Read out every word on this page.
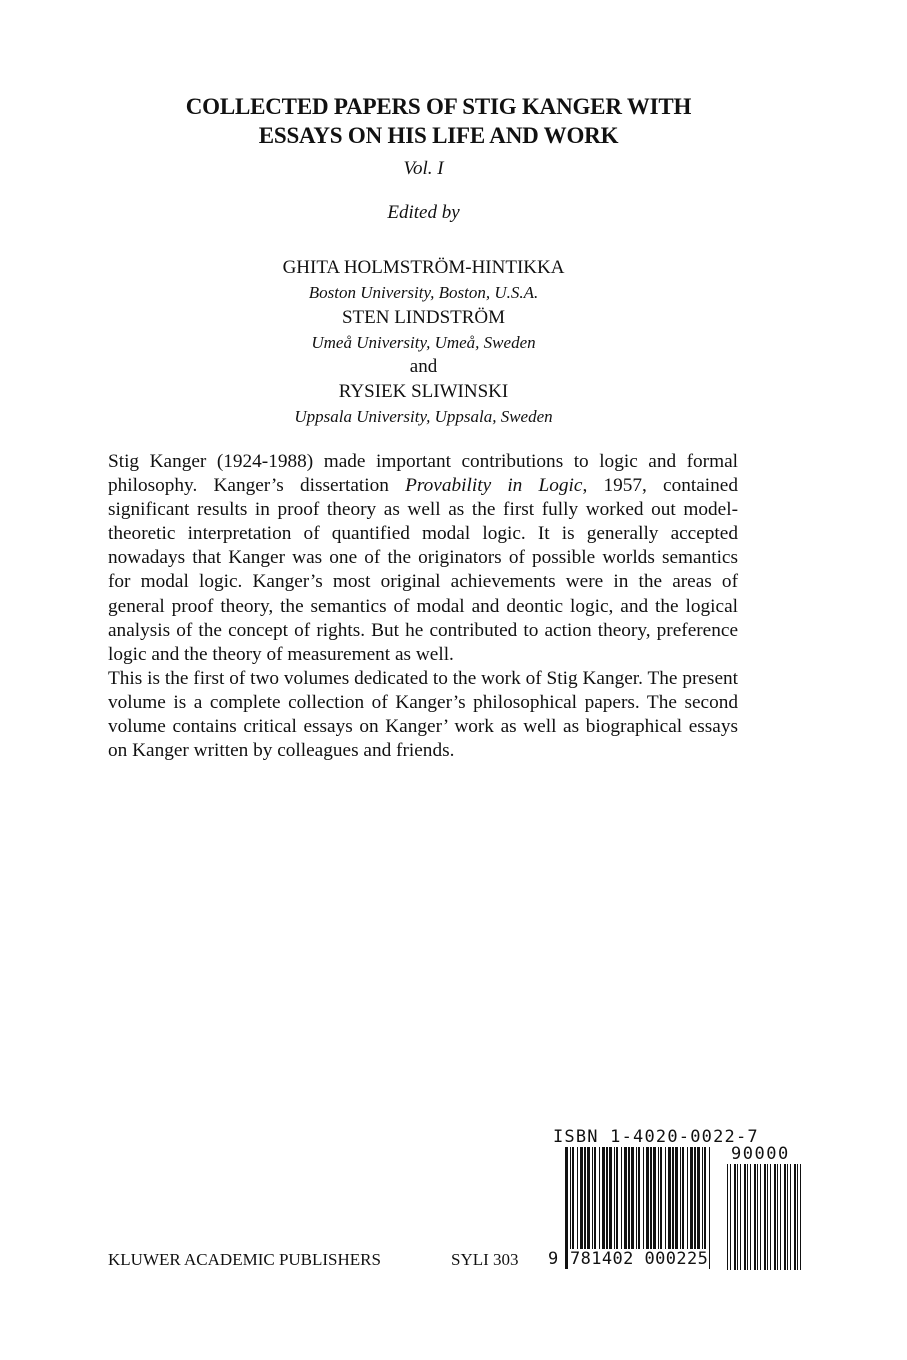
COLLECTED PAPERS OF STIG KANGER WITH
ESSAYS ON HIS LIFE AND WORK
Vol. I
Edited by
GHITA HOLMSTRÖM-HINTIKKA
Boston University, Boston, U.S.A.
STEN LINDSTRÖM
Umeå University, Umeå, Sweden
and
RYSIEK SLIWINSKI
Uppsala University, Uppsala, Sweden

Stig Kanger (1924-1988) made important contributions to logic and formal philosophy. Kanger’s dissertation Provability in Logic, 1957, contained significant results in proof theory as well as the first fully worked out model-theoretic interpretation of quantified modal logic. It is generally accepted nowadays that Kanger was one of the originators of possible worlds semantics for modal logic. Kanger’s most original achievements were in the areas of general proof theory, the semantics of modal and deontic logic, and the logical analysis of the concept of rights. But he contributed to action theory, preference logic and the theory of measurement as well.

This is the first of two volumes dedicated to the work of Stig Kanger. The present volume is a complete collection of Kanger’s philosophical papers. The second volume contains critical essays on Kanger’ work as well as biographical essays on Kanger written by colleagues and friends.

ISBN 1-4020-0022-7
90000
9 781402 000225
KLUWER ACADEMIC PUBLISHERS	SYLI 303
